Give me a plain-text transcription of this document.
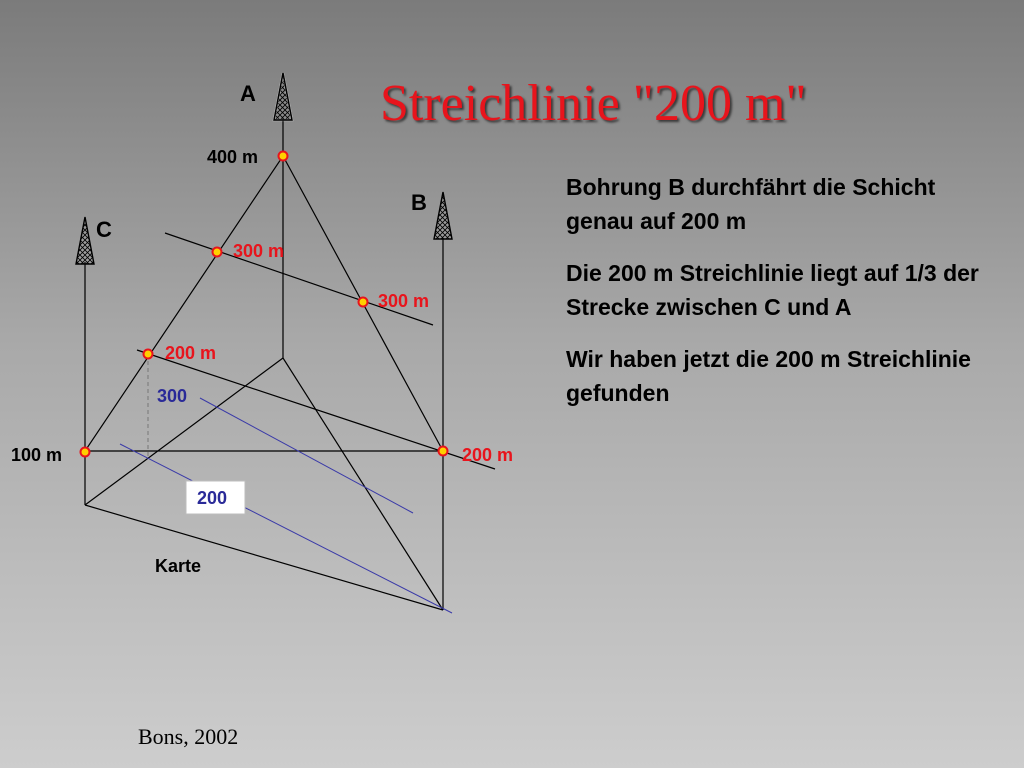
A
B
C
400 m
100 m
300 m
300 m
200 m
200 m
300
200
Karte
Streichlinie "200 m"

Bohrung B durchfährt die Schicht genau auf 200 m

Die 200 m Streichlinie liegt auf 1/3 der Strecke zwischen C und A

Wir haben jetzt die 200 m Streichlinie gefunden

Bons, 2002
